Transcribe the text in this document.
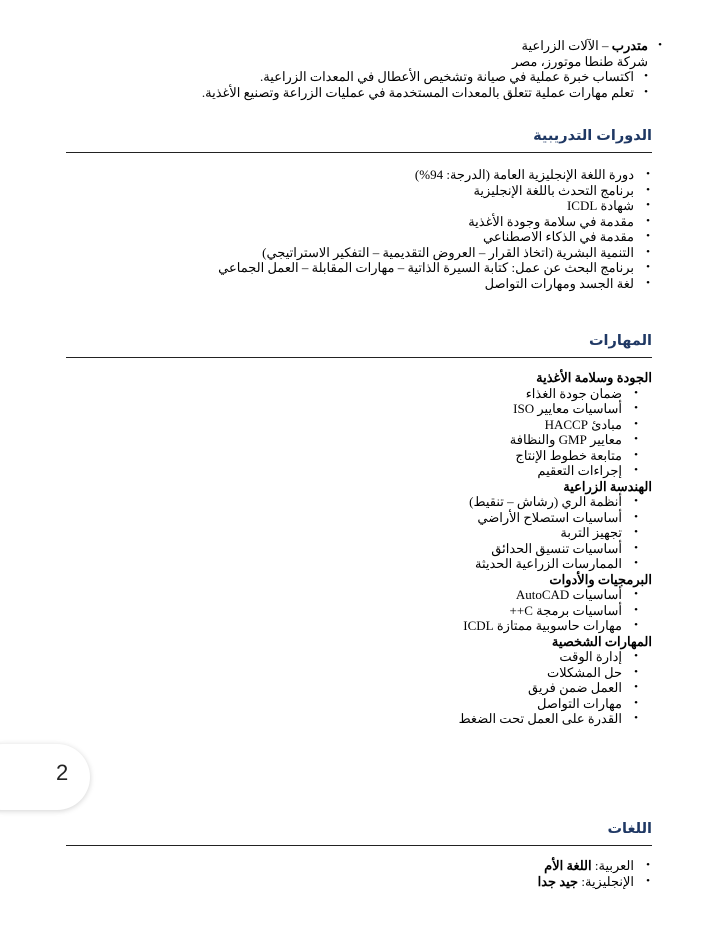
• متدرب – الآلات الزراعية
شركة طنطا موتورز، مصر
• اكتساب خبرة عملية في صيانة وتشخيص الأعطال في المعدات الزراعية.
• تعلم مهارات عملية تتعلق بالمعدات المستخدمة في عمليات الزراعة وتصنيع الأغذية.
الدورات التدريبية
• دورة اللغة الإنجليزية العامة (الدرجة: 94%)
• برنامج التحدث باللغة الإنجليزية
• شهادة ICDL
• مقدمة في سلامة وجودة الأغذية
• مقدمة في الذكاء الاصطناعي
• التنمية البشرية (اتخاذ القرار – العروض التقديمية – التفكير الاستراتيجي)
• برنامج البحث عن عمل: كتابة السيرة الذاتية – مهارات المقابلة – العمل الجماعي
• لغة الجسد ومهارات التواصل
المهارات
الجودة وسلامة الأغذية
• ضمان جودة الغذاء
• أساسيات معايير ISO
• مبادئ HACCP
• معايير GMP والنظافة
• متابعة خطوط الإنتاج
• إجراءات التعقيم
الهندسة الزراعية
• أنظمة الري (رشاش – تنقيط)
• أساسيات استصلاح الأراضي
• تجهيز التربة
• أساسيات تنسيق الحدائق
• الممارسات الزراعية الحديثة
البرمجيات والأدوات
• أساسيات AutoCAD
• أساسيات برمجة C++
• مهارات حاسوبية ممتازة ICDL
المهارات الشخصية
• إدارة الوقت
• حل المشكلات
• العمل ضمن فريق
• مهارات التواصل
• القدرة على العمل تحت الضغط
اللغات
• العربية: اللغة الأم
• الإنجليزية: جيد جدا
2
